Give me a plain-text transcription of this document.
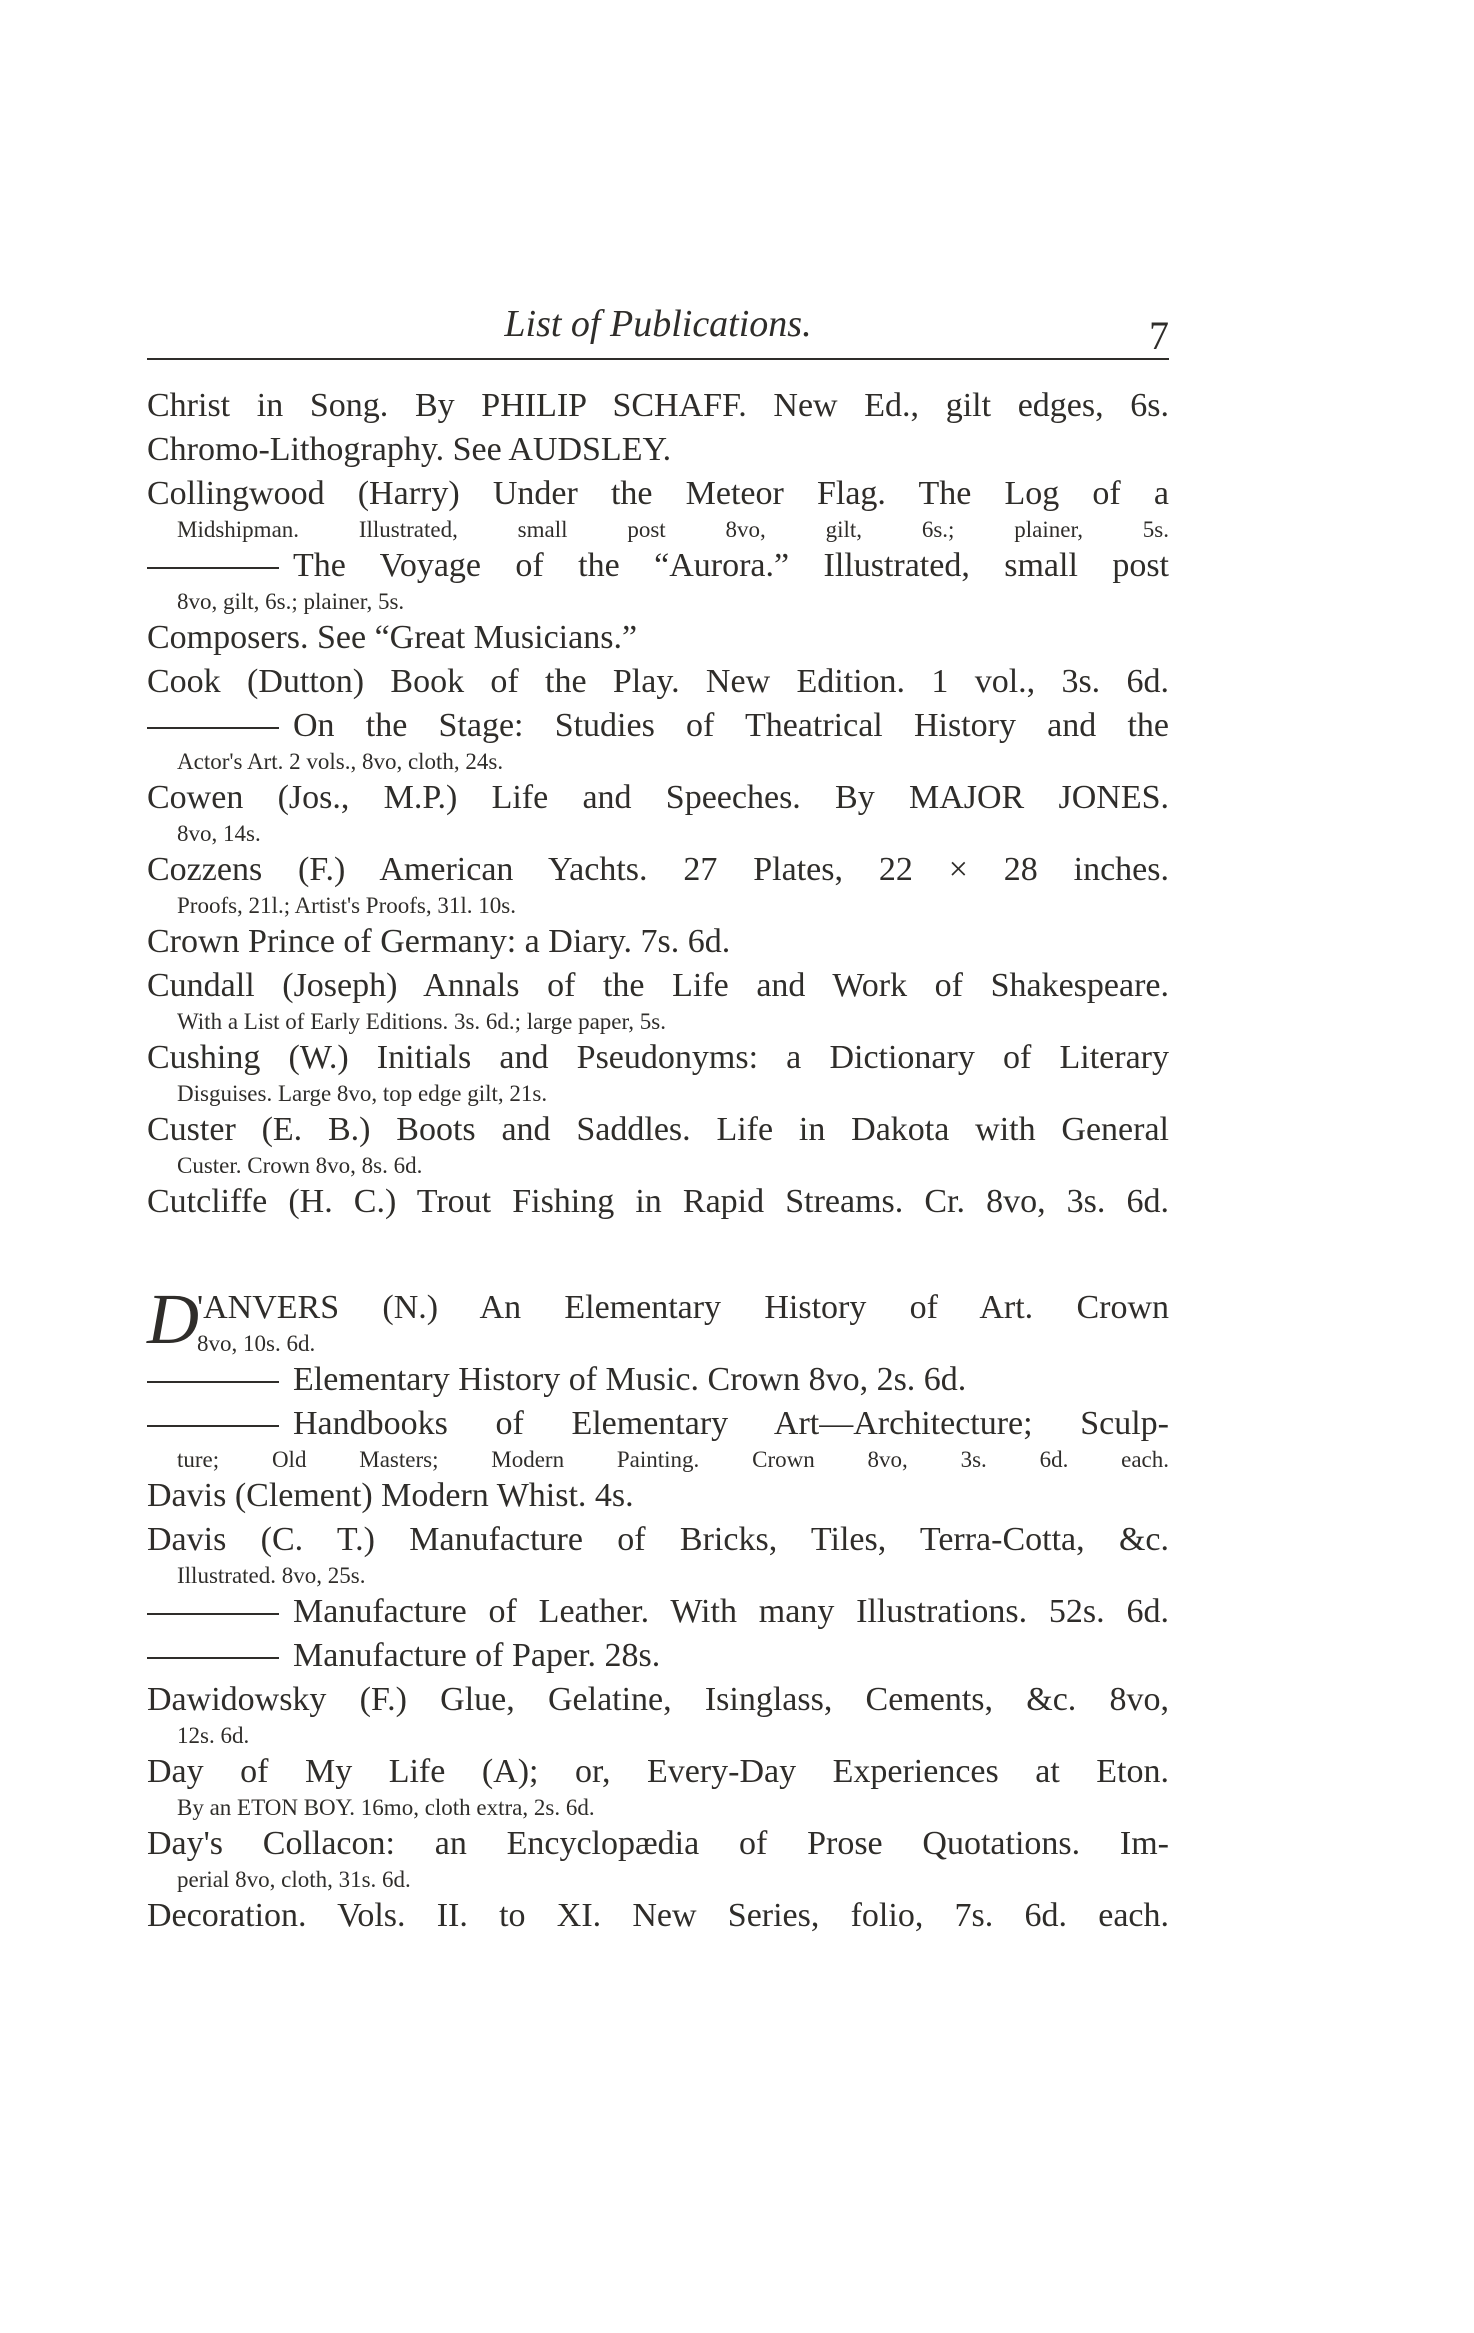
List of Publications.	7
Christ in Song. By PHILIP SCHAFF. New Ed., gilt edges, 6s.
Chromo-Lithography. See AUDSLEY.
Collingwood (Harry) Under the Meteor Flag. The Log of a
Midshipman. Illustrated, small post 8vo, gilt, 6s.; plainer, 5s.
The Voyage of the “Aurora.” Illustrated, small post
8vo, gilt, 6s.; plainer, 5s.
Composers. See “Great Musicians.”
Cook (Dutton) Book of the Play. New Edition. 1 vol., 3s. 6d.
On the Stage: Studies of Theatrical History and the
Actor's Art. 2 vols., 8vo, cloth, 24s.
Cowen (Jos., M.P.) Life and Speeches. By MAJOR JONES.
8vo, 14s.
Cozzens (F.) American Yachts. 27 Plates, 22 × 28 inches.
Proofs, 21l.; Artist's Proofs, 31l. 10s.
Crown Prince of Germany: a Diary. 7s. 6d.
Cundall (Joseph) Annals of the Life and Work of Shakespeare.
With a List of Early Editions. 3s. 6d.; large paper, 5s.
Cushing (W.) Initials and Pseudonyms: a Dictionary of Literary
Disguises. Large 8vo, top edge gilt, 21s.
Custer (E. B.) Boots and Saddles. Life in Dakota with General
Custer. Crown 8vo, 8s. 6d.
Cutcliffe (H. C.) Trout Fishing in Rapid Streams. Cr. 8vo, 3s. 6d.
D
'ANVERS (N.) An Elementary History of Art. Crown
8vo, 10s. 6d.
Elementary History of Music. Crown 8vo, 2s. 6d.
Handbooks of Elementary Art—Architecture; Sculp-
ture; Old Masters; Modern Painting. Crown 8vo, 3s. 6d. each.
Davis (Clement) Modern Whist. 4s.
Davis (C. T.) Manufacture of Bricks, Tiles, Terra-Cotta, &c.
Illustrated. 8vo, 25s.
Manufacture of Leather. With many Illustrations. 52s. 6d.
Manufacture of Paper. 28s.
Dawidowsky (F.) Glue, Gelatine, Isinglass, Cements, &c. 8vo,
12s. 6d.
Day of My Life (A); or, Every-Day Experiences at Eton.
By an ETON BOY. 16mo, cloth extra, 2s. 6d.
Day's Collacon: an Encyclopædia of Prose Quotations. Im-
perial 8vo, cloth, 31s. 6d.
Decoration. Vols. II. to XI. New Series, folio, 7s. 6d. each.
